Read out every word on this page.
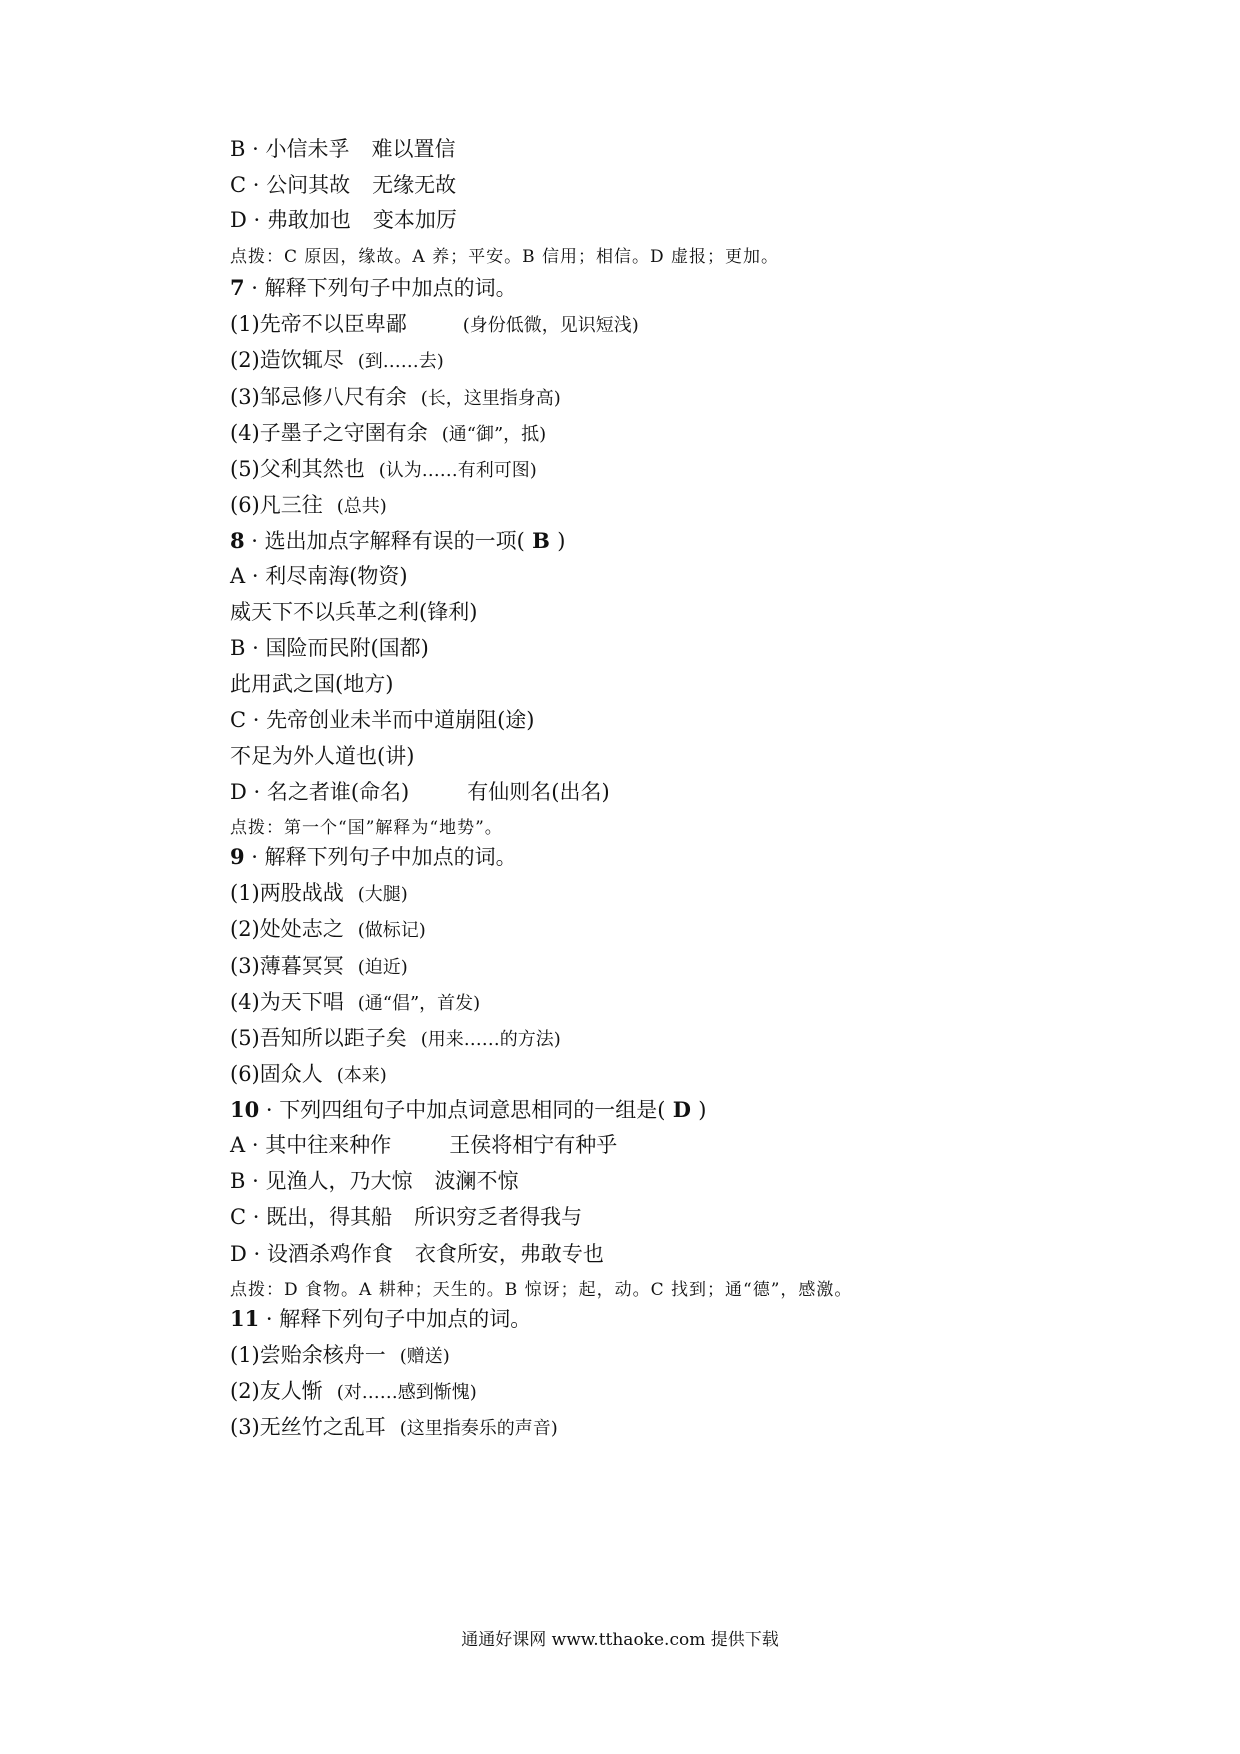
B · 小信未孚 难以置信
C · 公问其故 无缘无故
D · 弗敢加也 变本加厉
点拨：C 原因，缘故。A 养；平安。B 信用；相信。D 虚报；更加。
7 · 解释下列句子中加点的词。
(1)先帝不以臣卑鄙	(身份低微，见识短浅)
(2)造饮辄尽 (到……去)
(3)邹忌修八尺有余 (长，这里指身高)
(4)子墨子之守圉有余 (通“御”，抵)
(5)父利其然也 (认为……有利可图)
(6)凡三往 (总共)
8 · 选出加点字解释有误的一项( B )
A · 利尽南海(物资)
威天下不以兵革之利(锋利)
B · 国险而民附(国都)
此用武之国(地方)
C · 先帝创业未半而中道崩阻(途)
不足为外人道也(讲)
D · 名之者谁(命名)	有仙则名(出名)
点拨：第一个“国”解释为“地势”。
9 · 解释下列句子中加点的词。
(1)两股战战 (大腿)
(2)处处志之 (做标记)
(3)薄暮冥冥 (迫近)
(4)为天下唱 (通“倡”，首发)
(5)吾知所以距子矣 (用来……的方法)
(6)固众人 (本来)
10 · 下列四组句子中加点词意思相同的一组是( D )
A · 其中往来种作	王侯将相宁有种乎
B · 见渔人，乃大惊 波澜不惊
C · 既出，得其船 所识穷乏者得我与
D · 设酒杀鸡作食 衣食所安，弗敢专也
点拨：D 食物。A 耕种；天生的。B 惊讶；起，动。C 找到；通“德”，感激。
11 · 解释下列句子中加点的词。
(1)尝贻余核舟一 (赠送)
(2)友人惭 (对……感到惭愧)
(3)无丝竹之乱耳 (这里指奏乐的声音)
通通好课网 www.tthaoke.com 提供下载
